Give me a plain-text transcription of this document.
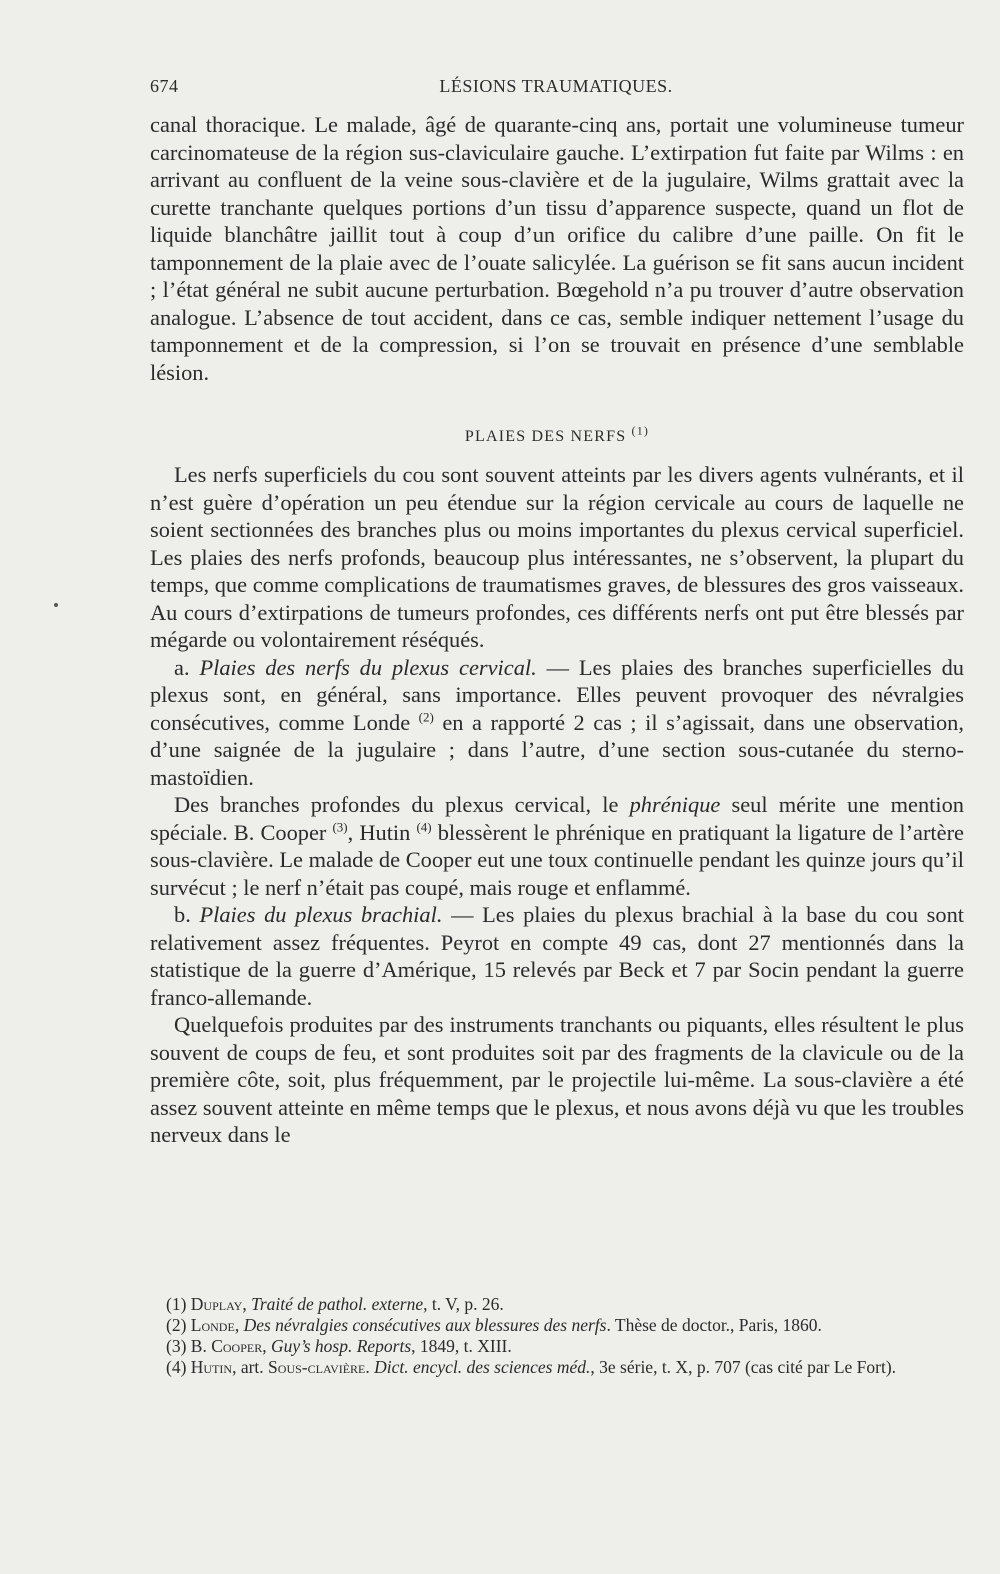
674	LÉSIONS TRAUMATIQUES.

canal thoracique. Le malade, âgé de quarante-cinq ans, portait une volumineuse tumeur carcinomateuse de la région sus-claviculaire gauche. L’extirpation fut faite par Wilms : en arrivant au confluent de la veine sous-clavière et de la jugulaire, Wilms grattait avec la curette tranchante quelques portions d’un tissu d’apparence suspecte, quand un flot de liquide blanchâtre jaillit tout à coup d’un orifice du calibre d’une paille. On fit le tamponnement de la plaie avec de l’ouate salicylée. La guérison se fit sans aucun incident ; l’état général ne subit aucune perturbation. Bœgehold n’a pu trouver d’autre observation analogue. L’absence de tout accident, dans ce cas, semble indiquer nettement l’usage du tamponnement et de la compression, si l’on se trouvait en présence d’une semblable lésion.

PLAIES DES NERFS $^{(1)}$

Les nerfs superficiels du cou sont souvent atteints par les divers agents vulnérants, et il n’est guère d’opération un peu étendue sur la région cervicale au cours de laquelle ne soient sectionnées des branches plus ou moins importantes du plexus cervical superficiel. Les plaies des nerfs profonds, beaucoup plus intéressantes, ne s’observent, la plupart du temps, que comme complications de traumatismes graves, de blessures des gros vaisseaux. Au cours d’extirpations de tumeurs profondes, ces différents nerfs ont put être blessés par mégarde ou volontairement réséqués.

a. Plaies des nerfs du plexus cervical. — Les plaies des branches superficielles du plexus sont, en général, sans importance. Elles peuvent provoquer des névralgies consécutives, comme Londe $^{(2)}$ en a rapporté 2 cas ; il s’agissait, dans une observation, d’une saignée de la jugulaire ; dans l’autre, d’une section sous-cutanée du sterno-mastoïdien.

Des branches profondes du plexus cervical, le phrénique seul mérite une mention spéciale. B. Cooper $^{(3)}$, Hutin $^{(4)}$ blessèrent le phrénique en pratiquant la ligature de l’artère sous-clavière. Le malade de Cooper eut une toux continuelle pendant les quinze jours qu’il survécut ; le nerf n’était pas coupé, mais rouge et enflammé.

b. Plaies du plexus brachial. — Les plaies du plexus brachial à la base du cou sont relativement assez fréquentes. Peyrot en compte 49 cas, dont 27 mentionnés dans la statistique de la guerre d’Amérique, 15 relevés par Beck et 7 par Socin pendant la guerre franco-allemande.

Quelquefois produites par des instruments tranchants ou piquants, elles résultent le plus souvent de coups de feu, et sont produites soit par des fragments de la clavicule ou de la première côte, soit, plus fréquemment, par le projectile lui-même. La sous-clavière a été assez souvent atteinte en même temps que le plexus, et nous avons déjà vu que les troubles nerveux dans le

(1) Duplay, Traité de pathol. externe, t. V, p. 26.

(2) Londe, Des névralgies consécutives aux blessures des nerfs. Thèse de doctor., Paris, 1860.

(3) B. Cooper, Guy’s hosp. Reports, 1849, t. XIII.

(4) Hutin, art. Sous-clavière. Dict. encycl. des sciences méd., 3e série, t. X, p. 707 (cas cité par Le Fort).
